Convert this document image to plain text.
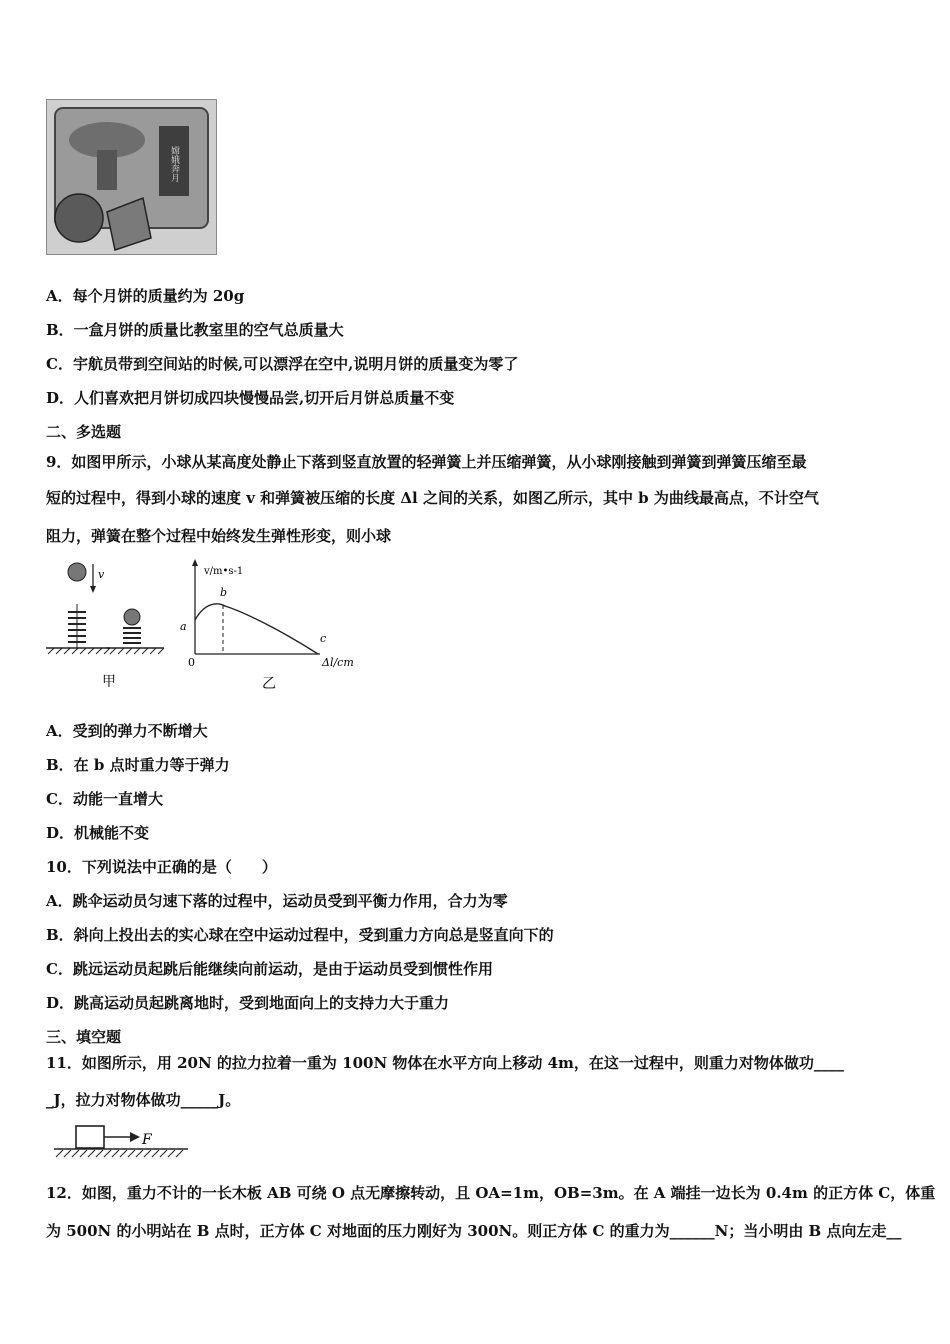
嫦娥奔月
A．每个月饼的质量约为 20g
B．一盒月饼的质量比教室里的空气总质量大
C．宇航员带到空间站的时候,可以漂浮在空中,说明月饼的质量变为零了
D．人们喜欢把月饼切成四块慢慢品尝,切开后月饼总质量不变
二、多选题
9．如图甲所示，小球从某高度处静止下落到竖直放置的轻弹簧上并压缩弹簧，从小球刚接触到弹簧到弹簧压缩至最
短的过程中，得到小球的速度 v 和弹簧被压缩的长度 Δl 之间的关系，如图乙所示，其中 b 为曲线最高点，不计空气
阻力，弹簧在整个过程中始终发生弹性形变，则小球
v
甲
v/m•s-1
Δl/cm
0
a
b
c
乙
A．受到的弹力不断增大
B．在 b 点时重力等于弹力
C．动能一直增大
D．机械能不变
10．下列说法中正确的是（　　）
A．跳伞运动员匀速下落的过程中，运动员受到平衡力作用，合力为零
B．斜向上投出去的实心球在空中运动过程中，受到重力方向总是竖直向下的
C．跳远运动员起跳后能继续向前运动，是由于运动员受到惯性作用
D．跳高运动员起跳离地时，受到地面向上的支持力大于重力
三、填空题
11．如图所示，用 20N 的拉力拉着一重为 100N 物体在水平方向上移动 4m，在这一过程中，则重力对物体做功____
_J，拉力对物体做功_____J。
F
12．如图，重力不计的一长木板 AB 可绕 O 点无摩擦转动，且 OA=1m，OB=3m。在 A 端挂一边长为 0.4m 的正方体 C，体重
为 500N 的小明站在 B 点时，正方体 C 对地面的压力刚好为 300N。则正方体 C 的重力为______N；当小明由 B 点向左走__
